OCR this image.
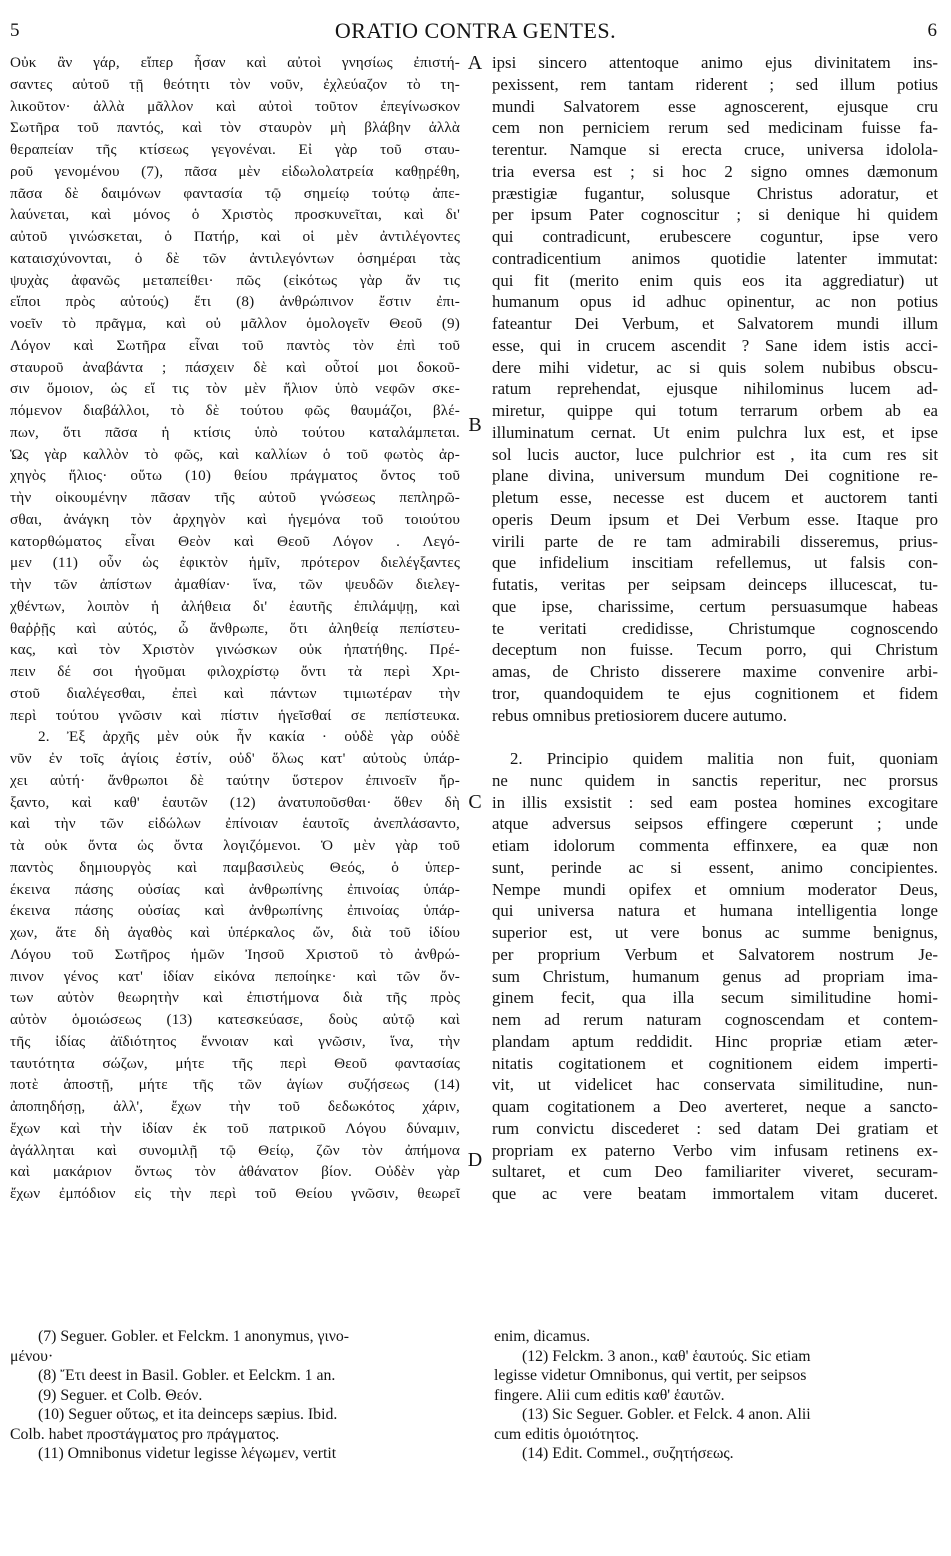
5	ORATIO CONTRA GENTES.	6
Οὐκ ἂν γάρ, εἴπερ ἦσαν καὶ αὐτοὶ γνησίως ἐπιστή-
σαντες αὐτοῦ τῇ θεότητι τὸν νοῦν, ἐχλεύαζον τὸ τη-
λικοῦτον· ἀλλὰ μᾶλλον καὶ αὐτοὶ τοῦτον ἐπεγίνωσκον
Σωτῆρα τοῦ παντός, καὶ τὸν σταυρὸν μὴ βλάβην ἀλλὰ
θεραπείαν τῆς κτίσεως γεγονέναι. Εἰ γὰρ τοῦ σταυ-
ροῦ γενομένου (7), πᾶσα μὲν εἰδωλολατρεία καθῃρέθη,
πᾶσα δὲ δαιμόνων φαντασία τῷ σημείῳ τούτῳ ἀπε-
λαύνεται, καὶ μόνος ὁ Χριστὸς προσκυνεῖται, καὶ δι'
αὐτοῦ γινώσκεται, ὁ Πατήρ, καὶ οἱ μὲν ἀντιλέγοντες
καταισχύνονται, ὁ δὲ τῶν ἀντιλεγόντων ὁσημέραι τὰς
ψυχὰς ἀφανῶς μεταπείθει· πῶς (εἰκότως γὰρ ἄν τις
εἴποι πρὸς αὐτούς) ἔτι (8) ἀνθρώπινον ἔστιν ἐπι-
νοεῖν τὸ πρᾶγμα, καὶ οὐ μᾶλλον ὁμολογεῖν Θεοῦ (9)
Λόγον καὶ Σωτῆρα εἶναι τοῦ παντὸς τὸν ἐπὶ τοῦ
σταυροῦ ἀναβάντα ; πάσχειν δὲ καὶ οὗτοί μοι δοκοῦ-
σιν ὅμοιον, ὡς εἴ τις τὸν μὲν ἥλιον ὑπὸ νεφῶν σκε-
πόμενον διαβάλλοι, τὸ δὲ τούτου φῶς θαυμάζοι, βλέ-
πων, ὅτι πᾶσα ἡ κτίσις ὑπὸ τούτου καταλάμπεται.
Ὡς γὰρ καλλὸν τὸ φῶς, καὶ καλλίων ὁ τοῦ φωτὸς ἀρ-
χηγὸς ἥλιος· οὕτω (10) θείου πράγματος ὄντος τοῦ
τὴν οἰκουμένην πᾶσαν τῆς αὐτοῦ γνώσεως πεπληρῶ-
σθαι, ἀνάγκη τὸν ἀρχηγὸν καὶ ἡγεμόνα τοῦ τοιούτου
κατορθώματος εἶναι Θεὸν καὶ Θεοῦ Λόγον . Λεγό-
μεν (11) οὖν ὡς ἐφικτὸν ἡμῖν, πρότερον διελέγξαντες
τὴν τῶν ἀπίστων ἀμαθίαν· ἵνα, τῶν ψευδῶν διελεγ-
χθέντων, λοιπὸν ἡ ἀλήθεια δι' ἑαυτῆς ἐπιλάμψῃ, καὶ
θαῤῥῇς καὶ αὐτός, ὦ ἄνθρωπε, ὅτι ἀληθείᾳ πεπίστευ-
κας, καὶ τὸν Χριστὸν γινώσκων οὐκ ἠπατήθης. Πρέ-
πειν δέ σοι ἡγοῦμαι φιλοχρίστῳ ὄντι τὰ περὶ Χρι-
στοῦ διαλέγεσθαι, ἐπεὶ καὶ πάντων τιμιωτέραν τὴν
περὶ τούτου γνῶσιν καὶ πίστιν ἡγεῖσθαί σε πεπίστευκα.
2. Ἐξ ἀρχῆς μὲν οὐκ ἦν κακία · οὐδὲ γὰρ οὐδὲ
νῦν ἐν τοῖς ἁγίοις ἐστίν, οὐδ' ὅλως κατ' αὐτοὺς ὑπάρ-
χει αὐτή· ἄνθρωποι δὲ ταύτην ὕστερον ἐπινοεῖν ἤρ-
ξαντο, καὶ καθ' ἑαυτῶν (12) ἀνατυποῦσθαι· ὅθεν δὴ
καὶ τὴν τῶν εἰδώλων ἐπίνοιαν ἑαυτοῖς ἀνεπλάσαντο,
τὰ οὐκ ὄντα ὡς ὄντα λογιζόμενοι. Ὁ μὲν γὰρ τοῦ
παντὸς δημιουργὸς καὶ παμβασιλεὺς Θεός, ὁ ὑπερ-
έκεινα πάσης οὐσίας καὶ ἀνθρωπίνης ἐπινοίας ὑπάρ-
έκεινα πάσης οὐσίας καὶ ἀνθρωπίνης ἐπινοίας ὑπάρ-
χων, ἅτε δὴ ἀγαθὸς καὶ ὑπέρκαλος ὤν, διὰ τοῦ ἰδίου
Λόγου τοῦ Σωτῆρος ἡμῶν Ἰησοῦ Χριστοῦ τὸ ἀνθρώ-
πινον γένος κατ' ἰδίαν εἰκόνα πεποίηκε· καὶ τῶν ὄν-
των αὐτὸν θεωρητὴν καὶ ἐπιστήμονα διὰ τῆς πρὸς
αὐτὸν ὁμοιώσεως (13) κατεσκεύασε, δοὺς αὐτῷ καὶ
τῆς ἰδίας ἀϊδιότητος ἔννοιαν καὶ γνῶσιν, ἵνα, τὴν
ταυτότητα σώζων, μήτε τῆς περὶ Θεοῦ φαντασίας
ποτὲ ἀποστῇ, μήτε τῆς τῶν ἁγίων συζήσεως (14)
ἀποπηδήσῃ, ἀλλ', ἔχων τὴν τοῦ δεδωκότος χάριν,
ἔχων καὶ τὴν ἰδίαν ἐκ τοῦ πατρικοῦ Λόγου δύναμιν,
ἀγάλληται καὶ συνομιλῇ τῷ Θείῳ, ζῶν τὸν ἀπήμονα
καὶ μακάριον ὄντως τὸν ἀθάνατον βίον. Οὐδὲν γὰρ
ἔχων ἐμπόδιον εἰς τὴν περὶ τοῦ Θείου γνῶσιν, θεωρεῖ
ipsi sincero attentoque animo ejus divinitatem ins-
pexissent, rem tantam riderent ; sed illum potius
mundi Salvatorem esse agnoscerent, ejusque cru
cem non perniciem rerum sed medicinam fuisse fa-
terentur. Namque si erecta cruce, universa idolola-
tria eversa est ; si hoc 2 signo omnes dæmonum
præstigiæ fugantur, solusque Christus adoratur, et
per ipsum Pater cognoscitur ; si denique hi quidem
qui contradicunt, erubescere coguntur, ipse vero
contradicentium animos quotidie latenter immutat:
qui fit (merito enim quis eos ita aggrediatur) ut
humanum opus id adhuc opinentur, ac non potius
fateantur Dei Verbum, et Salvatorem mundi illum
esse, qui in crucem ascendit ? Sane idem istis acci-
dere mihi videtur, ac si quis solem nubibus obscu-
ratum reprehendat, ejusque nihilominus lucem ad-
miretur, quippe qui totum terrarum orbem ab ea
illuminatum cernat. Ut enim pulchra lux est, et ipse
sol lucis auctor, luce pulchrior est , ita cum res sit
plane divina, universum mundum Dei cognitione re-
pletum esse, necesse est ducem et auctorem tanti
operis Deum ipsum et Dei Verbum esse. Itaque pro
virili parte de re tam admirabili disseremus, prius-
que infidelium inscitiam refellemus, ut falsis con-
futatis, veritas per seipsam deinceps illucescat, tu-
que ipse, charissime, certum persuasumque habeas
te veritati credidisse, Christumque cognoscendo
deceptum non fuisse. Tecum porro, qui Christum
amas, de Christo disserere maxime convenire arbi-
tror, quandoquidem te ejus cognitionem et fidem
rebus omnibus pretiosiorem ducere autumo.
2. Principio quidem malitia non fuit, quoniam
ne nunc quidem in sanctis reperitur, nec prorsus
in illis exsistit : sed eam postea homines excogitare
atque adversus seipsos effingere cœperunt ; unde
etiam idolorum commenta effinxere, ea quæ non
sunt, perinde ac si essent, animo concipientes.
Nempe mundi opifex et omnium moderator Deus,
qui universa natura et humana intelligentia longe
superior est, ut vere bonus ac summe benignus,
per proprium Verbum et Salvatorem nostrum Je-
sum Christum, humanum genus ad propriam ima-
ginem fecit, qua illa secum similitudine homi-
nem ad rerum naturam cognoscendam et contem-
plandam aptum reddidit. Hinc propriæ etiam æter-
nitatis cogitationem et cognitionem eidem imperti-
vit, ut videlicet hac conservata similitudine, nun-
quam cogitationem a Deo averteret, neque a sancto-
rum convictu discederet : sed datam Dei gratiam et
propriam ex paterno Verbo vim infusam retinens ex-
sultaret, et cum Deo familiariter viveret, securam-
que ac vere beatam immortalem vitam duceret.
A
B
C
D
(7) Seguer. Gobler. et Felckm. 1 anonymus, γινο-
μένου·
(8) Ἔτι deest in Basil. Gobler. et Eelckm. 1 an.
(9) Seguer. et Colb. Θεόν.
(10) Seguer οὕτως, et ita deinceps sæpius. Ibid.
Colb. habet προστάγματος pro πράγματος.
(11) Omnibonus videtur legisse λέγωμεν, vertit
enim, dicamus.
(12) Felckm. 3 anon., καθ' ἑαυτούς. Sic etiam
legisse videtur Omnibonus, qui vertit, per seipsos
fingere. Alii cum editis καθ' ἑαυτῶν.
(13) Sic Seguer. Gobler. et Felck. 4 anon. Alii
cum editis ὁμοιότητος.
(14) Edit. Commel., συζητήσεως.
